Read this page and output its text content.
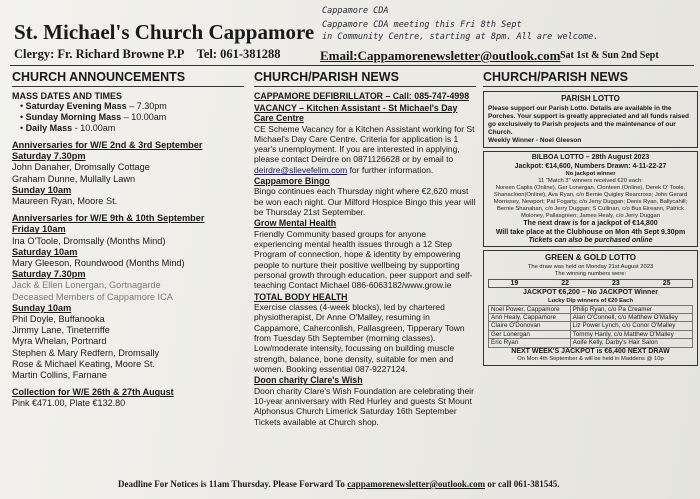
Cappamore CDA
Cappamore CDA meeting this Fri 8th Sept
in Community Centre, starting at 8pm. All are welcome.
St. Michael's Church Cappamore
Clergy: Fr. Richard Browne P.P Tel: 061-381288	Email:Cappamorenewsletter@outlook.com Sat 1st & Sun 2nd Sept
CHURCH ANNOUNCEMENTS
MASS DATES AND TIMES
• Saturday Evening Mass – 7.30pm
• Sunday Morning Mass – 10.00am
• Daily Mass - 10.00am
Anniversaries for W/E 2nd & 3rd September
Saturday 7.30pm
John Danaher, Dromsally Cottage
Graham Dunne, Mullally Lawn
Sunday 10am
Maureen Ryan, Moore St.
Anniversaries for W/E 9th & 10th September
Friday 10am
Ina O'Toole, Dromsally (Months Mind)
Saturday 10am
Mary Gleeson, Roundwood (Months Mind)
Saturday 7.30pm
Jack & Ellen Lonergan, Gortnagarde
Deceased Members of Cappamore ICA
Sunday 10am
Phil Doyle, Buffanooka
Jimmy Lane, Tineterriffe
Myra Whelan, Portnard
Stephen & Mary Redfern, Dromsally
Rose & Michael Keating, Moore St.
Martin Collins, Farnane
Collection for W/E 26th & 27th August
Pink €471.00, Plate €132.80
CHURCH/PARISH NEWS

CAPPAMORE DEFIBRILLATOR – Call: 085-747-4998

VACANCY – Kitchen Assistant - St Michael's Day Care Centre

CE Scheme Vacancy for a Kitchen Assistant working for St Michael's Day Care Centre. Criteria for application is 1 year's unemployment. If you are interested in applying, please contact Deirdre on 0871126628 or by email to deirdre@slievefelim.com for further information.

Cappamore Bingo

Bingo continues each Thursday night where €2,620 must be won each night. Our Milford Hospice Bingo this year will be Thursday 21st September.

Grow Mental Health

Friendly Community based groups for anyone experiencing mental health issues through a 12 Step Program of connection, hope & identity by empowering people to nurture their positive wellbeing by supporting personal growth through education, peer support and self-teaching Contact Michael 086-6063182/www.grow.ie

TOTAL BODY HEALTH

Exercise classes (4-week blocks), led by chartered physiotherapist, Dr Anne O'Malley, resuming in Cappamore, Caherconlish, Pallasgreen, Tipperary Town from Tuesday 5th September (morning classes). Low/moderate intensity, focussing on building muscle strength, balance, bone density, suitable for men and women. Booking essential 087-9227124.

Doon charity Clare's Wish

Doon charity Clare's Wish Foundation are celebrating their 10-year anniversary with Red Hurley and guests St Mount Alphonsus Church Limerick Saturday 16th September Tickets available at Church shop.

CHURCH/PARISH NEWS
PARISH LOTTO
Please support our Parish Lotto. Details are available in the Porches. Your support is greatly appreciated and all funds raised go exclusively to Parish projects and the maintenance of our Church.
Weekly Winner - Noel Gleeson
BILBOA LOTTO – 28th August 2023
Jackpot: €14,600, Numbers Drawn: 4-11-22-27
No jackpot winner
11 "Match 3" winners received €20 each:
Noreen Caplis (Online), Ger Lonergan, Clonteen (Online), Derek O' Toole, Shanacloon(Online), Ava Ryan, c/o Bernie Quigley Rearcross; John Gerard Morrissey, Newport; Pat Fogarty, c/o Jerry Duggan; Denis Ryan, Ballycahill; Bernie Shanahan, c/o Jerry Duggan; S Cullinan, c/o Bus Eireann, Patrick Moloney, Pallasgreen; James Healy, c/o Jerry Duggan
The next draw is for a jackpot of €14,800
Will take place at the Clubhouse on Mon 4th Sept 9.30pm
Tickets can also be purchased online
GREEN & GOLD LOTTO
The draw was held on Monday 21st August 2023
The winning numbers were:
19	22	23	25
JACKPOT €6,200 – No JACKPOT Winner
Lucky Dip winners of €20 Each
Noel Power, Cappamore	Philip Ryan, c/o Pa Creamer
Ann Healy, Cappamore	Alan O'Connell, c/o Matthew O'Malley
Claire O'Donovan	Liz Power Lynch, c/o Conor O'Malley
Ger Lonergan	Tommy Hanly, c/o Matthew O'Malley
Eric Ryan	Aoife Kelly, Darby's Hair Salon
NEXT WEEK'S JACKPOT is €6,400 NEXT DRAW
On Mon 4th September & will be held in Maddens @ 10p
Deadline For Notices is 11am Thursday. Please Forward To cappamorenewsletter@outlook.com or call 061-381545.
